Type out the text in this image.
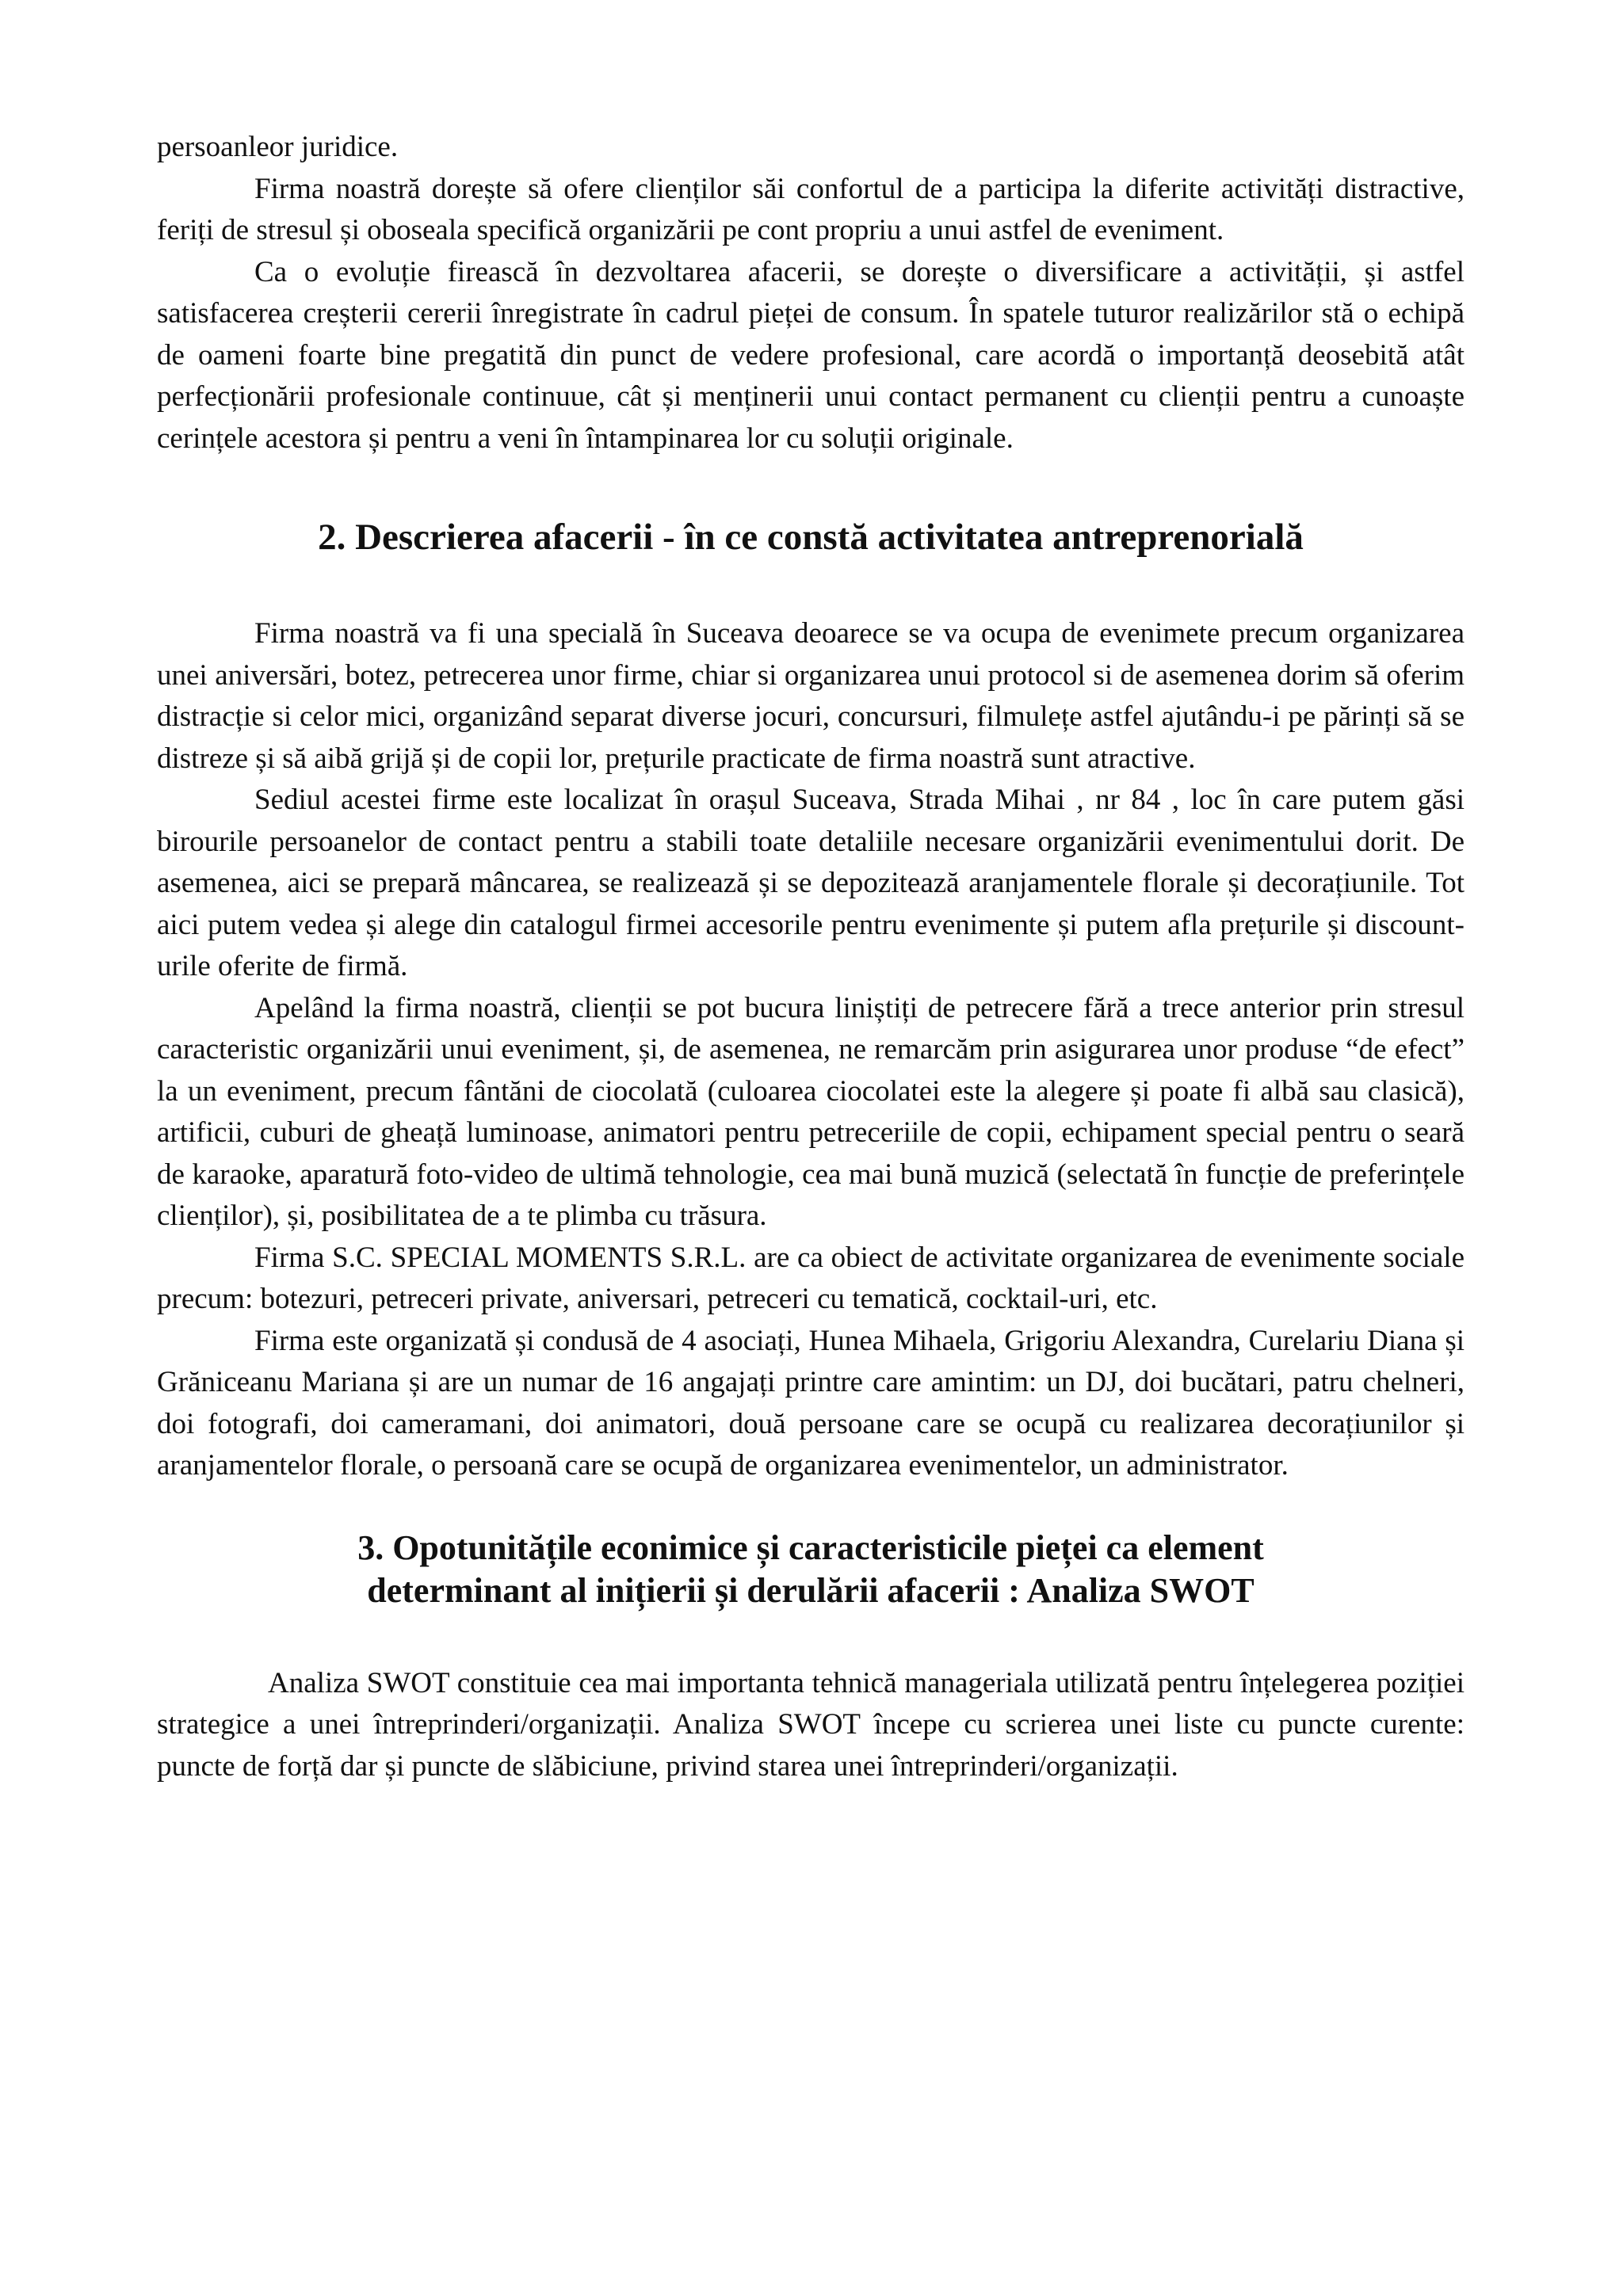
persoanleor juridice.

Firma noastră dorește să ofere clienților săi confortul de a participa la diferite activități distractive, feriți de stresul și oboseala specifică organizării pe cont propriu a unui astfel de eveniment.

Ca o evoluție firească în dezvoltarea afacerii, se dorește o diversificare a activității, și astfel satisfacerea creșterii cererii înregistrate în cadrul pieței de consum. În spatele tuturor realizărilor stă o echipă de oameni foarte bine pregatită din punct de vedere profesional, care acordă o importanță deosebită atât perfecționării profesionale continuue, cât și menținerii unui contact permanent cu clienții pentru a cunoaște cerințele acestora și pentru a veni în întampinarea lor cu soluții originale.

2. Descrierea afacerii - în ce constă activitatea antreprenorială

Firma noastră va fi una specială în Suceava deoarece se va ocupa de evenimete precum organizarea unei aniversări, botez, petrecerea unor firme, chiar si organizarea unui protocol si de asemenea dorim să oferim distracție si celor mici, organizând separat diverse jocuri, concursuri, filmulețe astfel ajutându-i pe părinți să se distreze și să aibă grijă și de copii lor, prețurile practicate de firma noastră sunt atractive.

Sediul acestei firme este localizat în orașul Suceava, Strada Mihai , nr 84 , loc în care putem găsi birourile persoanelor de contact pentru a stabili toate detaliile necesare organizării evenimentului dorit. De asemenea, aici se prepară mâncarea, se realizează și se depozitează aranjamentele florale și decorațiunile. Tot aici putem vedea și alege din catalogul firmei accesorile pentru evenimente și putem afla prețurile și discount-urile oferite de firmă.

Apelând la firma noastră, clienții se pot bucura liniștiți de petrecere fără a trece anterior prin stresul caracteristic organizării unui eveniment, și, de asemenea, ne remarcăm prin asigurarea unor produse “de efect” la un eveniment, precum fântăni de ciocolată (culoarea ciocolatei este la alegere și poate fi albă sau clasică), artificii, cuburi de gheață luminoase, animatori pentru petreceriile de copii, echipament special pentru o seară de karaoke, aparatură foto-video de ultimă tehnologie, cea mai bună muzică (selectată în funcție de preferințele clienților), și, posibilitatea de a te plimba cu trăsura.

Firma S.C. SPECIAL MOMENTS S.R.L. are ca obiect de activitate organizarea de evenimente sociale precum: botezuri, petreceri private, aniversari, petreceri cu tematică, cocktail-uri, etc.

Firma este organizată și condusă de 4 asociați, Hunea Mihaela, Grigoriu Alexandra, Curelariu Diana și Grăniceanu Mariana și are un numar de 16 angajați printre care amintim: un DJ, doi bucătari, patru chelneri, doi fotografi, doi cameramani, doi animatori, două persoane care se ocupă cu realizarea decorațiunilor și aranjamentelor florale, o persoană care se ocupă de organizarea evenimentelor, un administrator.

3. Opotunitățile econimice și caracteristicile pieței ca element
determinant al inițierii și derulării afacerii : Analiza SWOT

Analiza SWOT constituie cea mai importanta tehnică manageriala utilizată pentru înțelegerea poziției strategice a unei întreprinderi/organizații. Analiza SWOT începe cu scrierea unei liste cu puncte curente: puncte de forță dar și puncte de slăbiciune, privind starea unei întreprinderi/organizații.
